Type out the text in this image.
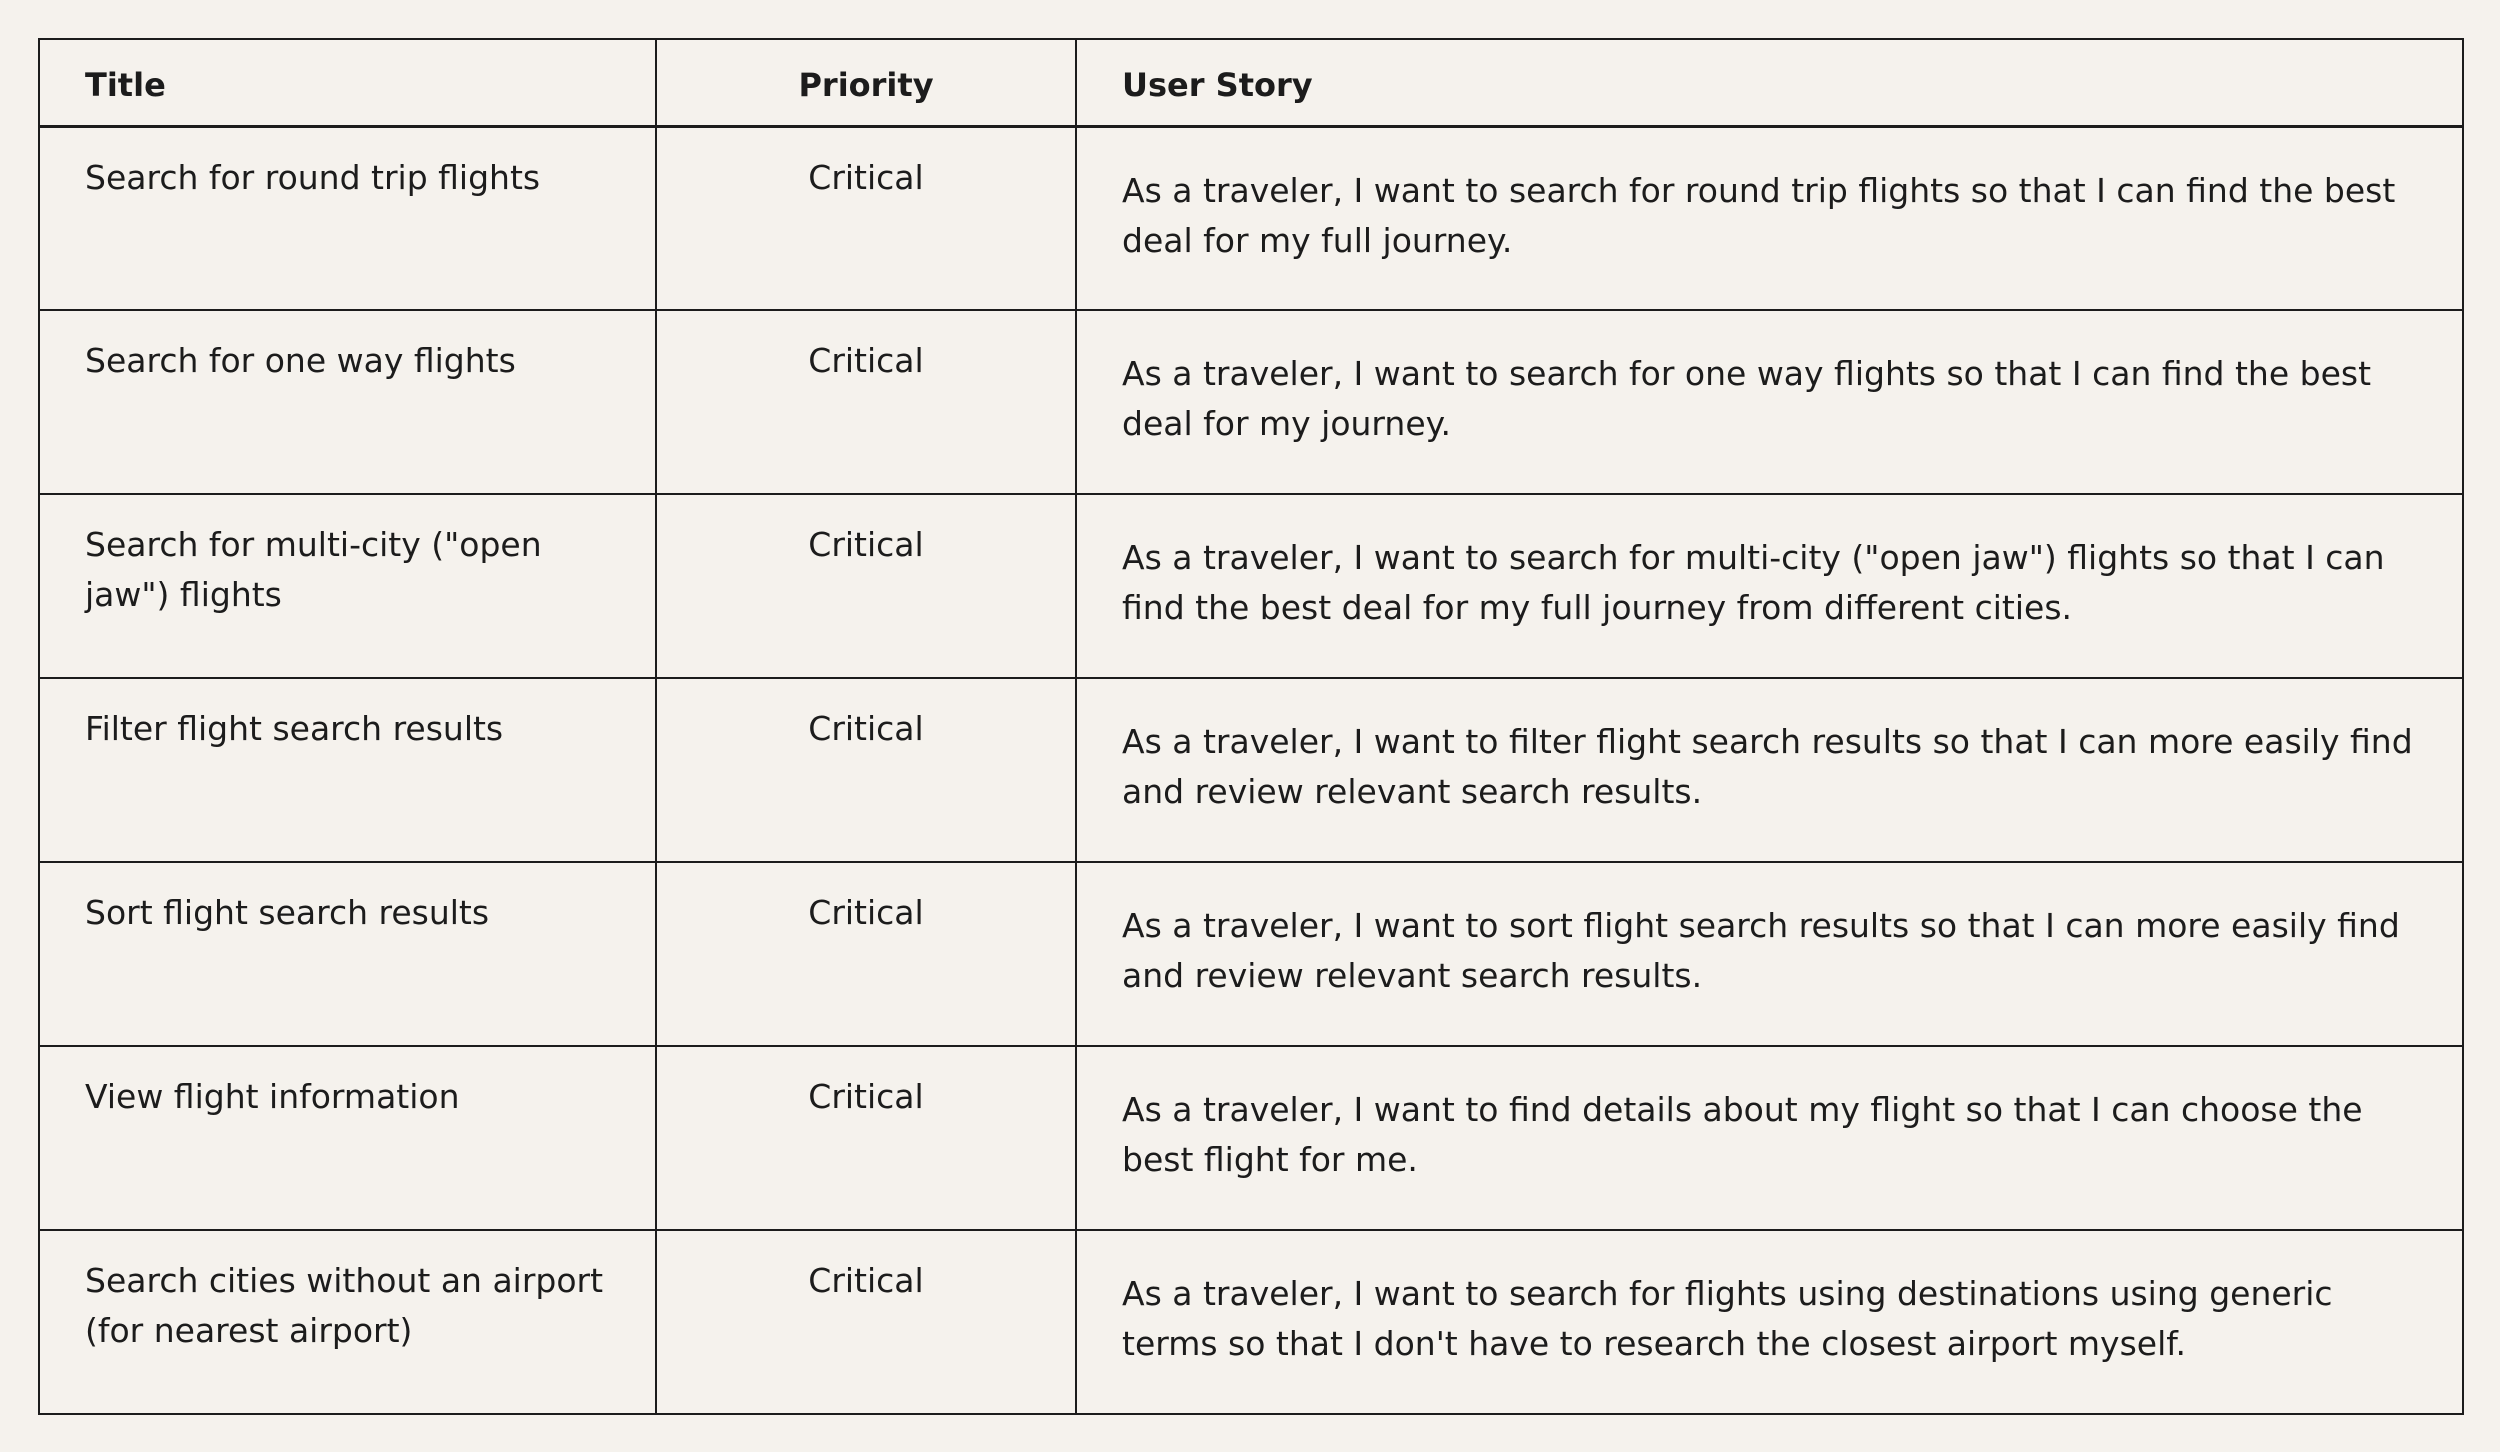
Title	Priority	User Story
Search for round trip flights	Critical	As a traveler, I want to search for round trip flights so that I can find the best deal for my full journey.
Search for one way flights	Critical	As a traveler, I want to search for one way flights so that I can find the best deal for my journey.
Search for multi-city ("open jaw") flights	Critical	As a traveler, I want to search for multi-city ("open jaw") flights so that I can find the best deal for my full journey from different cities.
Filter flight search results	Critical	As a traveler, I want to filter flight search results so that I can more easily find and review relevant search results.
Sort flight search results	Critical	As a traveler, I want to sort flight search results so that I can more easily find and review relevant search results.
View flight information	Critical	As a traveler, I want to find details about my flight so that I can choose the best flight for me.
Search cities without an airport (for nearest airport)	Critical	As a traveler, I want to search for flights using destinations using generic terms so that I don't have to research the closest airport myself.
